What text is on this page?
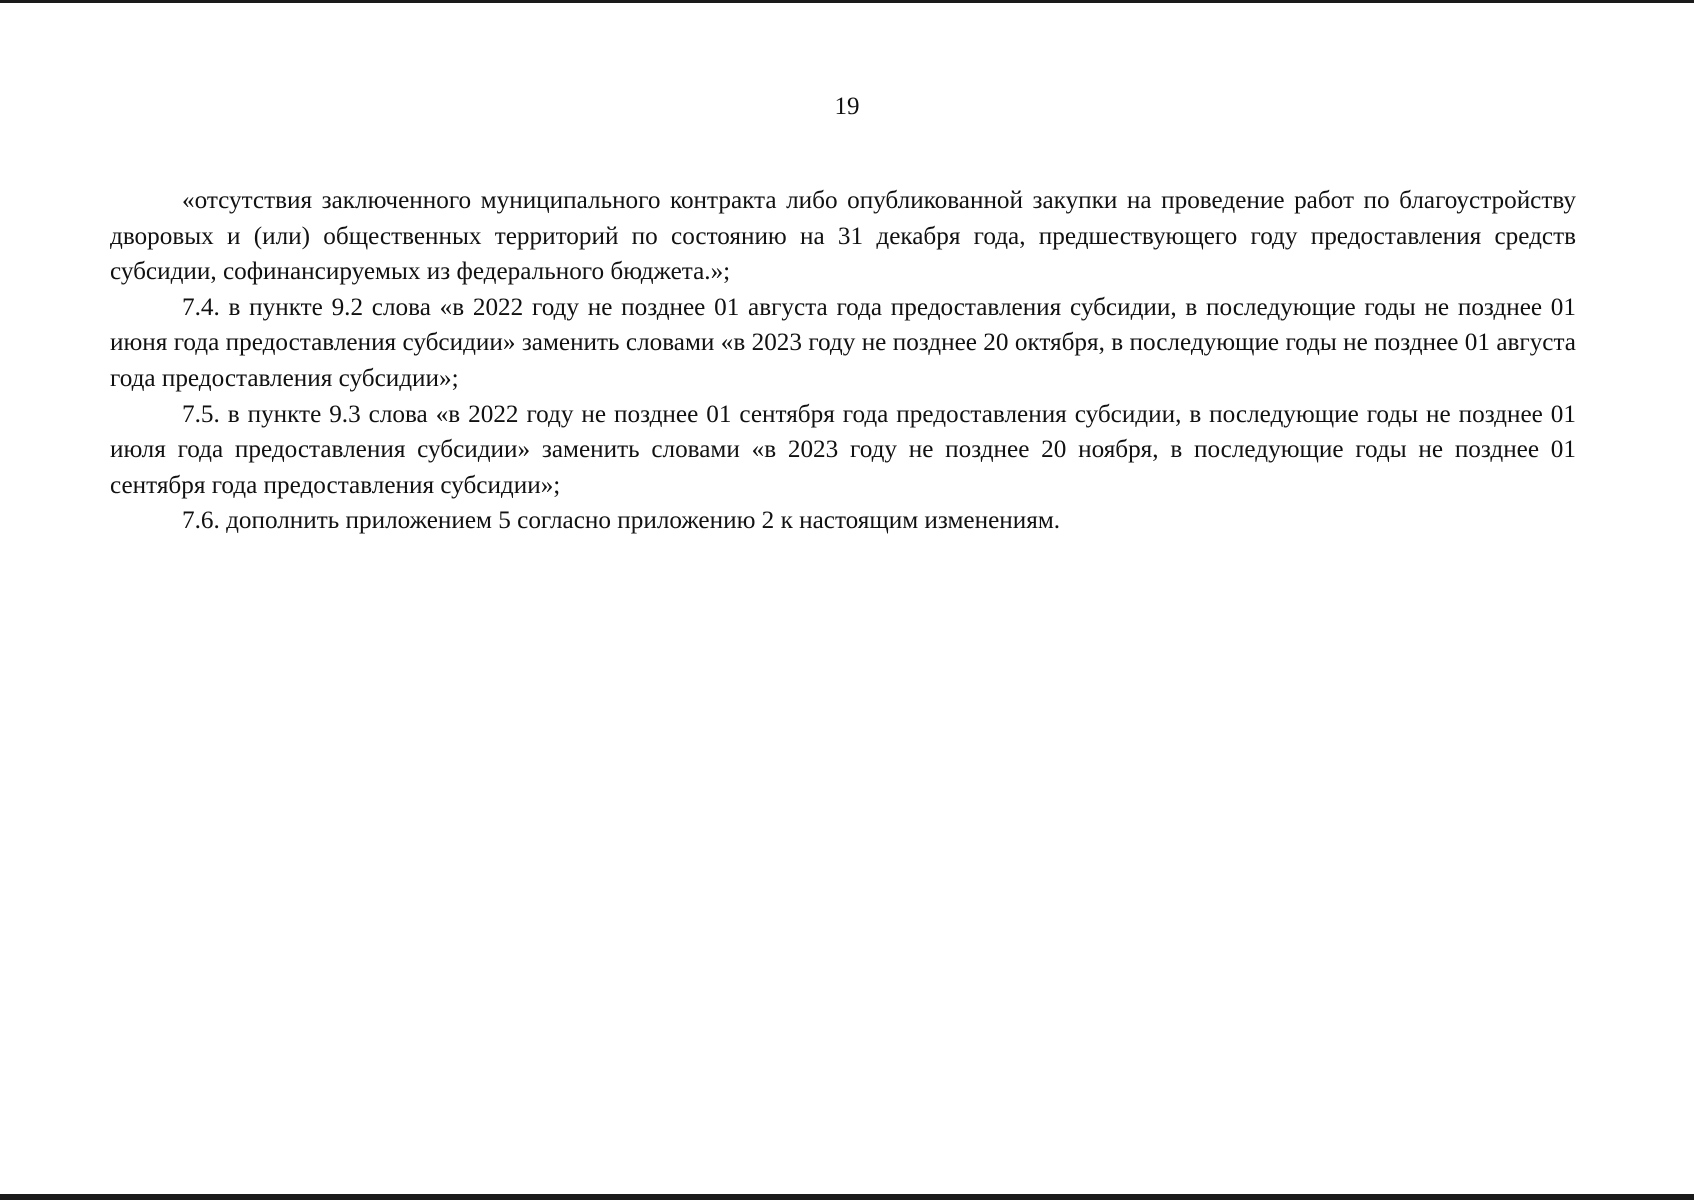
19

«отсутствия заключенного муниципального контракта либо опубликованной закупки на проведение работ по благоустройству дворовых и (или) общественных территорий по состоянию на 31 декабря года, предшествующего году предоставления средств субсидии, софинансируемых из федерального бюджета.»;

7.4. в пункте 9.2 слова «в 2022 году не позднее 01 августа года предоставления субсидии, в последующие годы не позднее 01 июня года предоставления субсидии» заменить словами «в 2023 году не позднее 20 октября, в последующие годы не позднее 01 августа года предоставления субсидии»;

7.5. в пункте 9.3 слова «в 2022 году не позднее 01 сентября года предоставления субсидии, в последующие годы не позднее 01 июля года предоставления субсидии» заменить словами «в 2023 году не позднее 20 ноября, в последующие годы не позднее 01 сентября года предоставления субсидии»;

7.6. дополнить приложением 5 согласно приложению 2 к настоящим изменениям.
